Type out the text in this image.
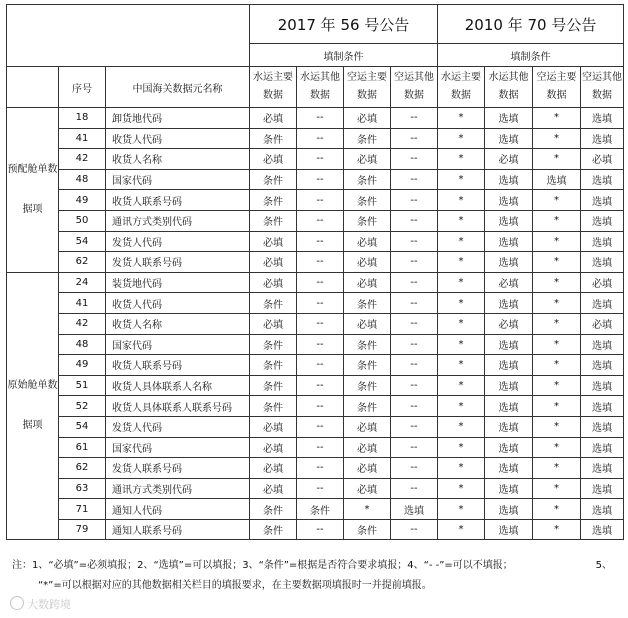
			2017 年 56 号公告				2010 年 70 号公告			
			填制条件				填制条件			
	序号	中国海关数据元名称	水运主要数据	水运其他数据	空运主要数据	空运其他数据	水运主要数据	水运其他数据	空运主要数据	空运其他数据
预配舱单数据项	18	卸货地代码	必填	--	必填	--	*	选填	*	选填
	41	收货人代码	条件	--	条件	--	*	选填	*	选填
	42	收货人名称	必填	--	必填	--	*	必填	*	必填
	48	国家代码	条件	--	条件	--	*	选填	选填	选填
	49	收货人联系号码	条件	--	条件	--	*	选填	*	选填
	50	通讯方式类别代码	条件	--	条件	--	*	选填	*	选填
	54	发货人代码	必填	--	必填	--	*	选填	*	选填
	62	发货人联系号码	必填	--	必填	--	*	选填	*	选填
原始舱单数据项	24	装货地代码	必填	--	必填	--	*	必填	*	必填
	41	收货人代码	条件	--	条件	--	*	选填	*	选填
	42	收货人名称	必填	--	必填	--	*	必填	*	必填
	48	国家代码	条件	--	条件	--	*	选填	*	选填
	49	收货人联系号码	条件	--	条件	--	*	选填	*	选填
	51	收货人具体联系人名称	条件	--	条件	--	*	选填	*	选填
	52	收货人具体联系人联系号码	条件	--	条件	--	*	选填	*	选填
	54	发货人代码	必填	--	必填	--	*	选填	*	选填
	61	国家代码	必填	--	必填	--	*	选填	*	选填
	62	发货人联系号码	必填	--	必填	--	*	选填	*	选填
	63	通讯方式类别代码	必填	--	必填	--	*	选填	*	选填
	71	通知人代码	条件	条件	*	选填	*	选填	*	选填
	79	通知人联系号码	条件	--	条件	--	*	选填	*	选填
注：1、“必填”=必须填报；2、“选填”=可以填报；3、“条件”=根据是否符合要求填报；4、“- -”=可以不填报；	5、
“*”=可以根据对应的其他数据相关栏目的填报要求，在主要数据项填报时一并提前填报。
大数跨境
